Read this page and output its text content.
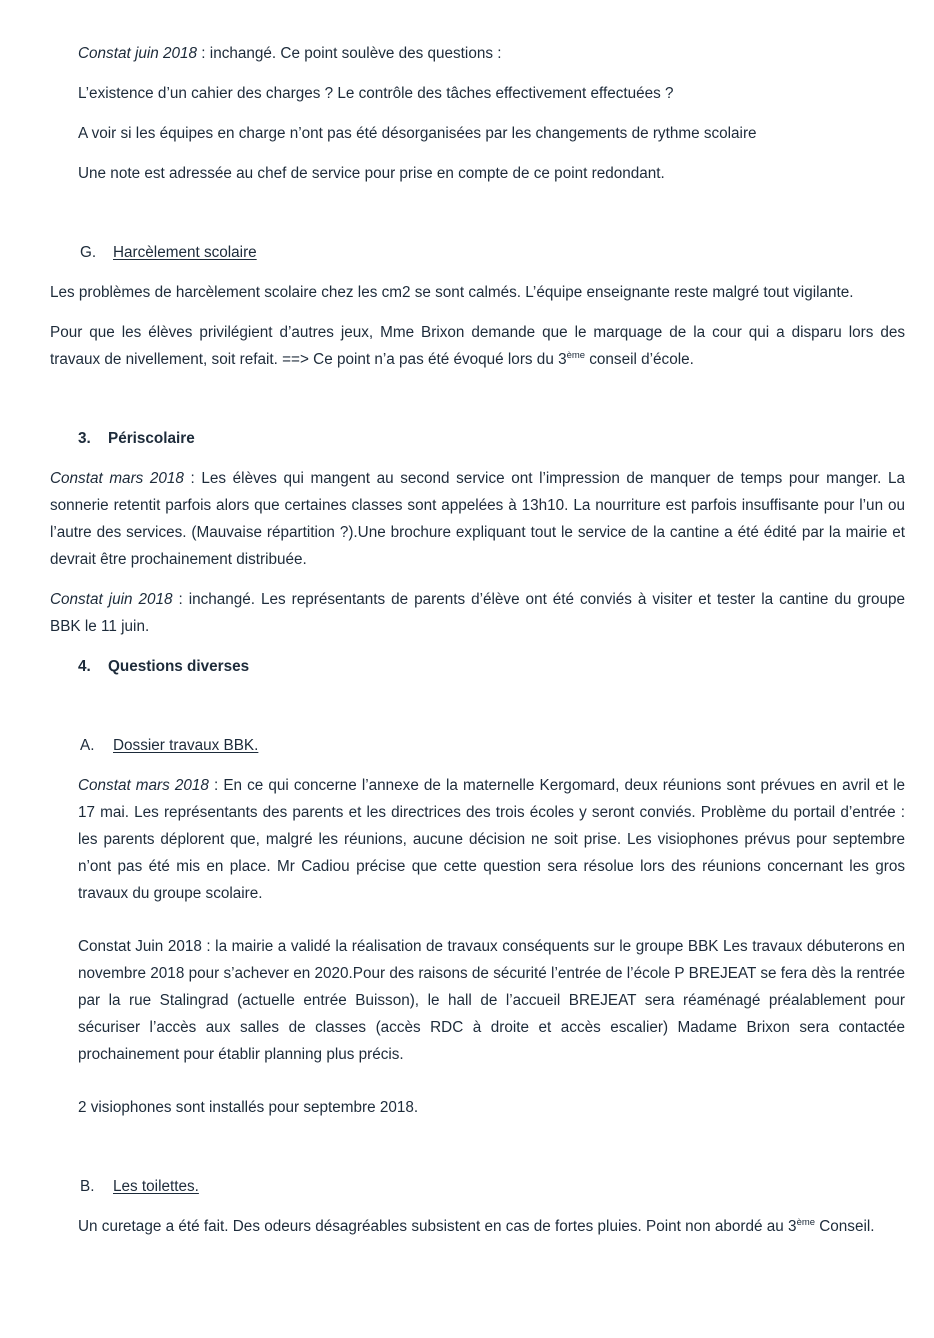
Constat juin 2018 : inchangé. Ce point soulève des questions :

L’existence d’un cahier des charges ? Le contrôle des tâches effectivement effectuées ?

A voir si les équipes en charge n’ont pas été désorganisées par les changements de rythme scolaire

Une note est adressée au chef de service pour prise en compte de ce point redondant.

G. Harcèlement scolaire

Les problèmes de harcèlement scolaire chez les cm2 se sont calmés. L’équipe enseignante reste malgré tout vigilante.

Pour que les élèves privilégient d’autres jeux, Mme Brixon demande que le marquage de la cour qui a disparu lors des travaux de nivellement, soit refait. ==> Ce point n’a pas été évoqué lors du 3ème conseil d’école.

3. Périscolaire

Constat mars 2018 : Les élèves qui mangent au second service ont l’impression de manquer de temps pour manger. La sonnerie retentit parfois alors que certaines classes sont appelées à 13h10. La nourriture est parfois insuffisante pour l’un ou l’autre des services. (Mauvaise répartition ?).Une brochure expliquant tout le service de la cantine a été édité par la mairie et devrait être prochainement distribuée.

Constat juin 2018 : inchangé. Les représentants de parents d’élève ont été conviés à visiter et tester la cantine du groupe BBK le 11 juin.

4. Questions diverses

A. Dossier travaux BBK.

Constat mars 2018 : En ce qui concerne l’annexe de la maternelle Kergomard, deux réunions sont prévues en avril et le 17 mai. Les représentants des parents et les directrices des trois écoles y seront conviés. Problème du portail d’entrée : les parents déplorent que, malgré les réunions, aucune décision ne soit prise. Les visiophones prévus pour septembre n’ont pas été mis en place. Mr Cadiou précise que cette question sera résolue lors des réunions concernant les gros travaux du groupe scolaire.

Constat Juin 2018 : la mairie a validé la réalisation de travaux conséquents sur le groupe BBK Les travaux débuterons en novembre 2018 pour s’achever en 2020.Pour des raisons de sécurité l’entrée de l’école P BREJEAT se fera dès la rentrée par la rue Stalingrad (actuelle entrée Buisson), le hall de l’accueil BREJEAT sera réaménagé préalablement pour sécuriser l’accès aux salles de classes (accès RDC à droite et accès escalier) Madame Brixon sera contactée prochainement pour établir planning plus précis.

2 visiophones sont installés pour septembre 2018.

B. Les toilettes.

Un curetage a été fait. Des odeurs désagréables subsistent en cas de fortes pluies. Point non abordé au 3ème Conseil.
